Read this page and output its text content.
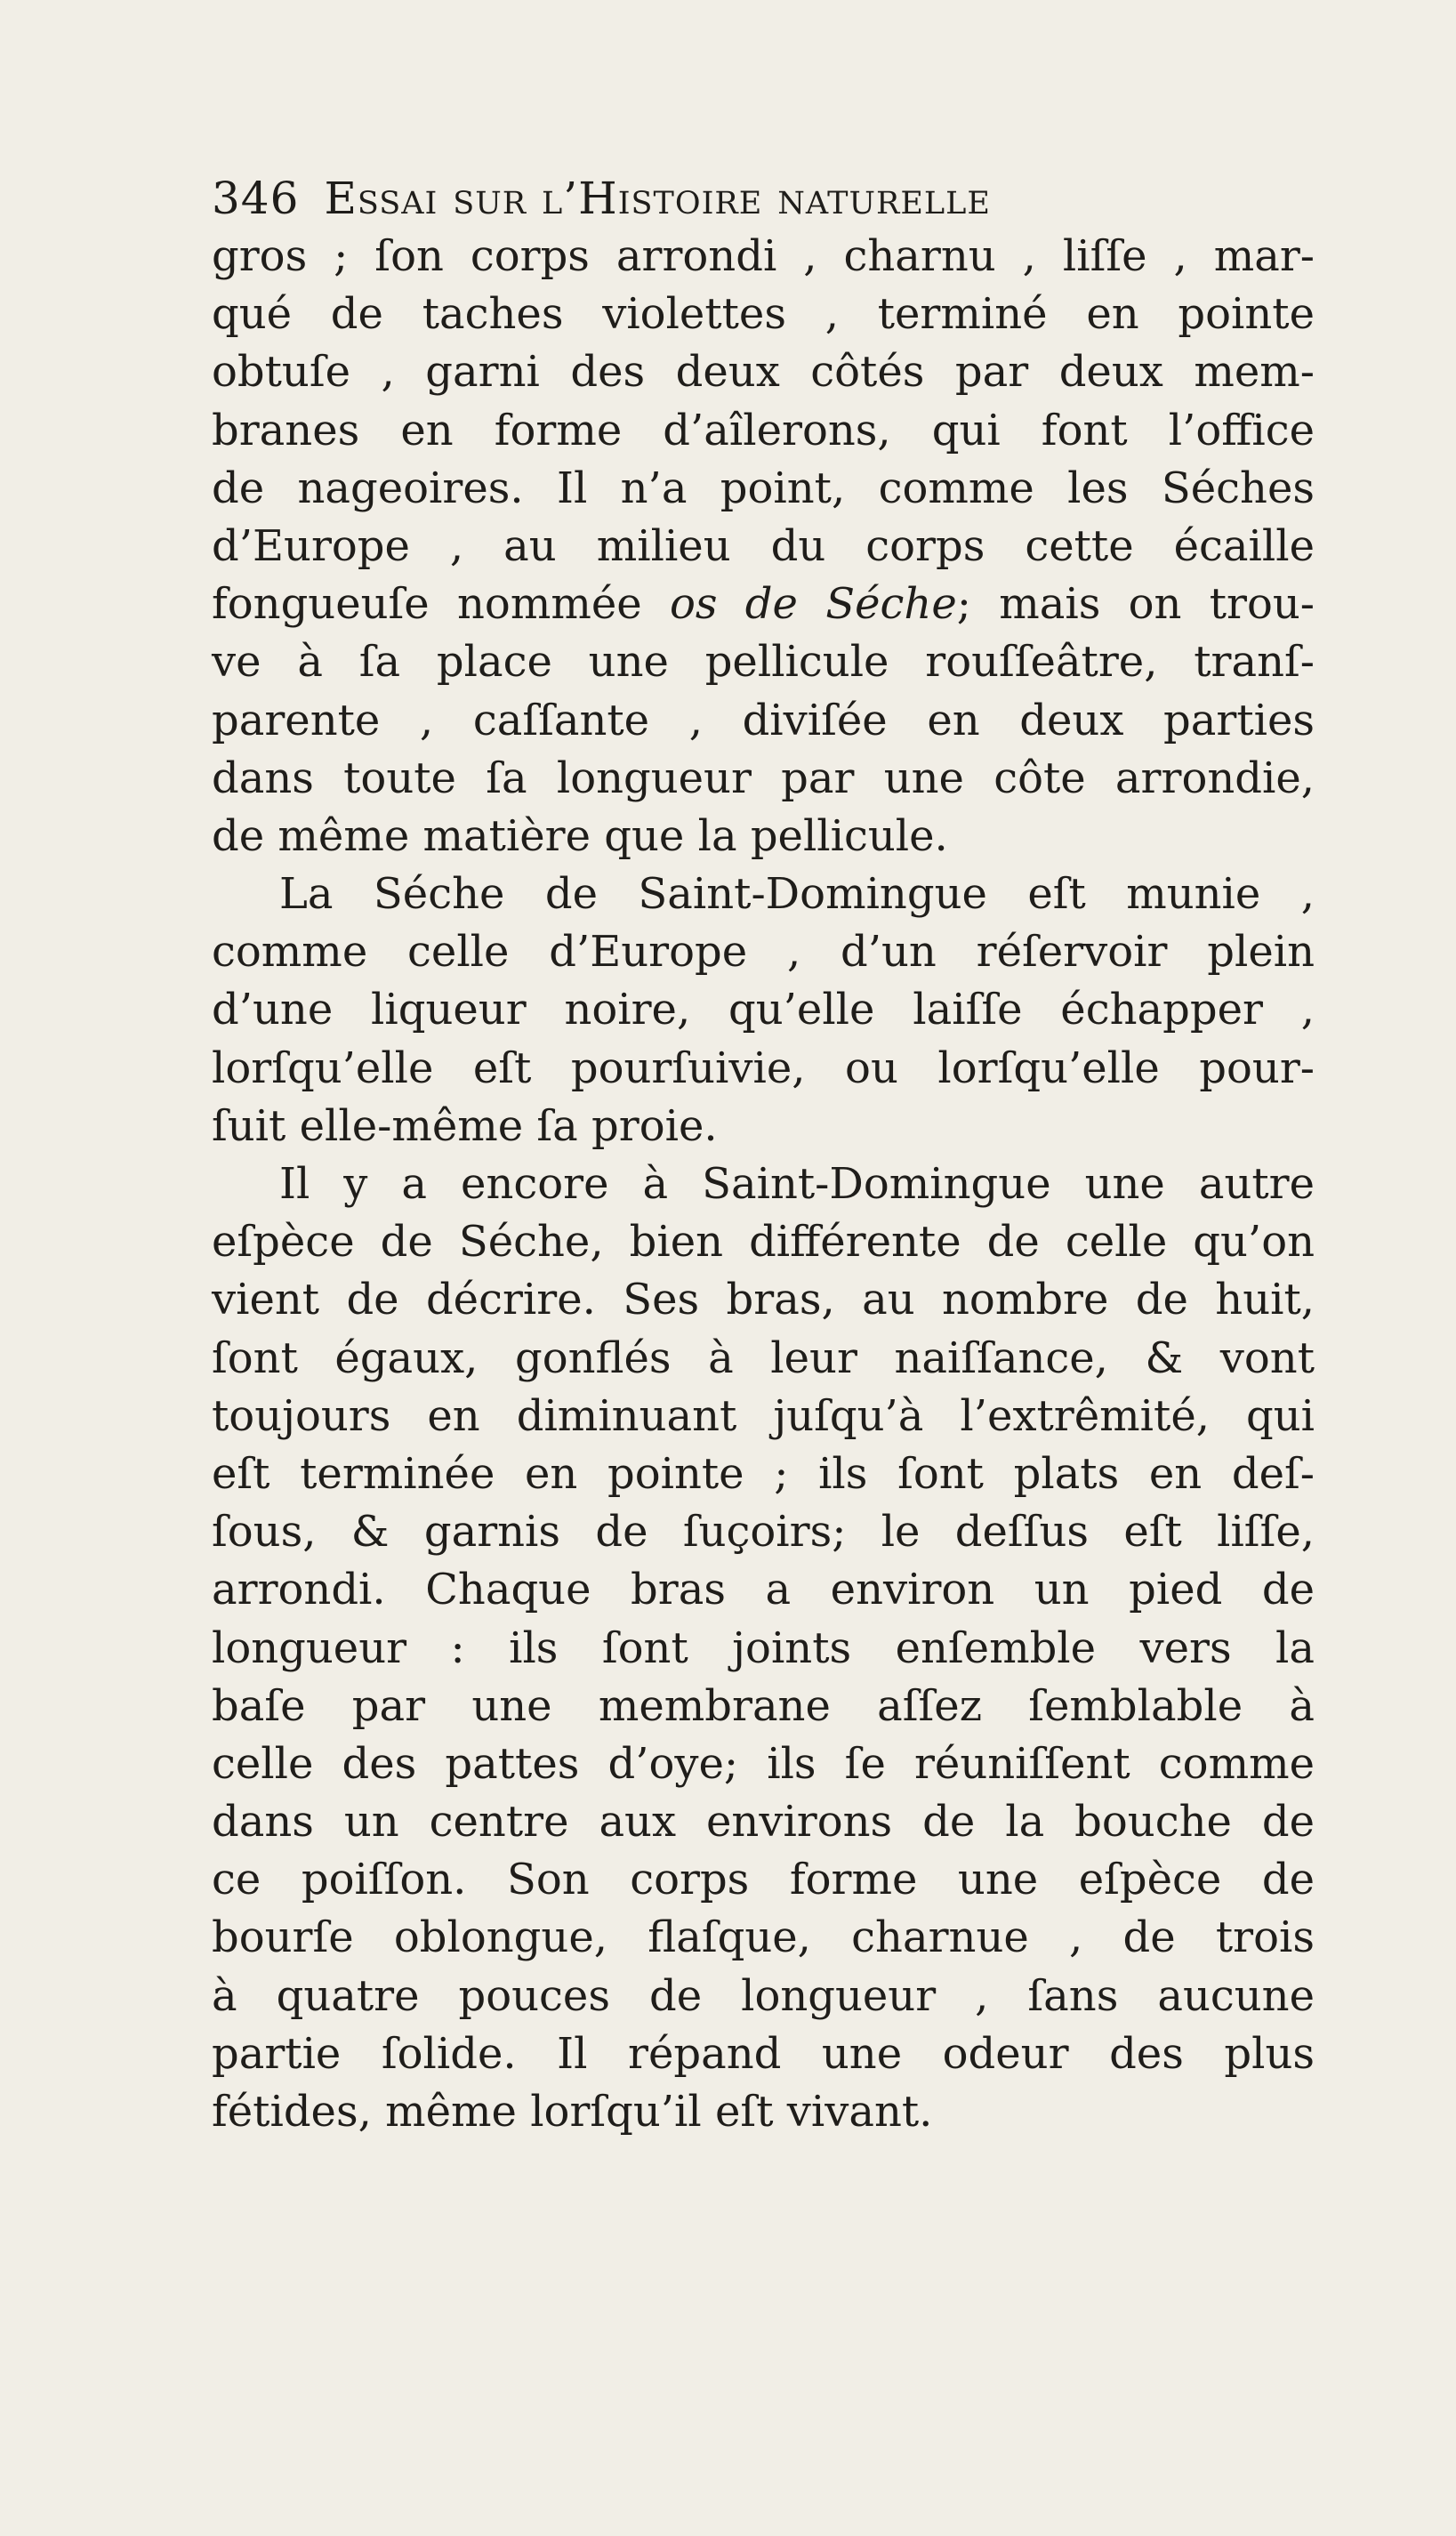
346 Essai sur l’Histoire naturelle
gros ; ſon corps arrondi , charnu , liſſe , mar-
qué de taches violettes , terminé en pointe
obtuſe , garni des deux côtés par deux mem-
branes en forme d’aîlerons, qui font l’office
de nageoires. Il n’a point, comme les Séches
d’Europe , au milieu du corps cette écaille
fongueuſe nommée os de Séche; mais on trou-
ve à ſa place une pellicule rouſſeâtre, tranſ-
parente , caſſante , diviſée en deux parties
dans toute ſa longueur par une côte arrondie,
de même matière que la pellicule.
La Séche de Saint-Domingue eſt munie ,
comme celle d’Europe , d’un réſervoir plein
d’une liqueur noire, qu’elle laiſſe échapper ,
lorſqu’elle eſt pourſuivie, ou lorſqu’elle pour-
ſuit elle-même ſa proie.
Il y a encore à Saint-Domingue une autre
eſpèce de Séche, bien différente de celle qu’on
vient de décrire. Ses bras, au nombre de huit,
ſont égaux, gonflés à leur naiſſance, & vont
toujours en diminuant juſqu’à l’extrêmité, qui
eſt terminée en pointe ; ils ſont plats en deſ-
ſous, & garnis de ſuçoirs; le deſſus eſt liſſe,
arrondi. Chaque bras a environ un pied de
longueur : ils ſont joints enſemble vers la
baſe par une membrane aſſez ſemblable à
celle des pattes d’oye; ils ſe réuniſſent comme
dans un centre aux environs de la bouche de
ce poiſſon. Son corps forme une eſpèce de
bourſe oblongue, flaſque, charnue , de trois
à quatre pouces de longueur , ſans aucune
partie ſolide. Il répand une odeur des plus
fétides, même lorſqu’il eſt vivant.
